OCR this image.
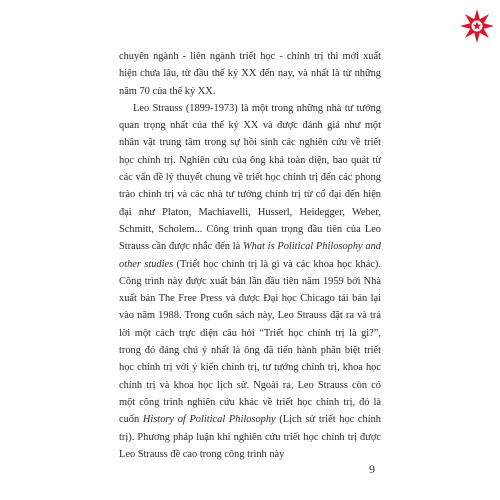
chuyên ngành - liên ngành triết học - chính trị thì mới xuất hiện chưa lâu, từ đầu thế kỷ XX đến nay, và nhất là từ những năm 70 của thế kỷ XX.

Leo Strauss (1899-1973) là một trong những nhà tư tưởng quan trọng nhất của thế kỷ XX và được đánh giá như một nhân vật trung tâm trong sự hồi sinh các nghiên cứu về triết học chính trị. Nghiên cứu của ông khá toàn diện, bao quát từ các vấn đề lý thuyết chung về triết học chính trị đến các phong trào chính trị và các nhà tư tưởng chính trị từ cổ đại đến hiện đại như Platon, Machiavelli, Husserl, Heidegger, Weber, Schmitt, Scholem... Công trình quan trọng đầu tiên của Leo Strauss cần được nhắc đến là What is Political Philosophy and other studies (Triết học chính trị là gì và các khoa học khác). Công trình này được xuất bản lần đầu tiên năm 1959 bởi Nhà xuất bản The Free Press và được Đại học Chicago tái bản lại vào năm 1988. Trong cuốn sách này, Leo Strauss đặt ra và trả lời một cách trực diện câu hỏi “Triết học chính trị là gì?”, trong đó đáng chú ý nhất là ông đã tiến hành phân biệt triết học chính trị với ý kiến chính trị, tư tưởng chính trị, khoa học chính trị và khoa học lịch sử. Ngoài ra, Leo Strauss còn có một công trình nghiên cứu khác về triết học chính trị, đó là cuốn History of Political Philosophy (Lịch sử triết học chính trị). Phương pháp luận khi nghiên cứu triết học chính trị được Leo Strauss đề cao trong công trình này

9
